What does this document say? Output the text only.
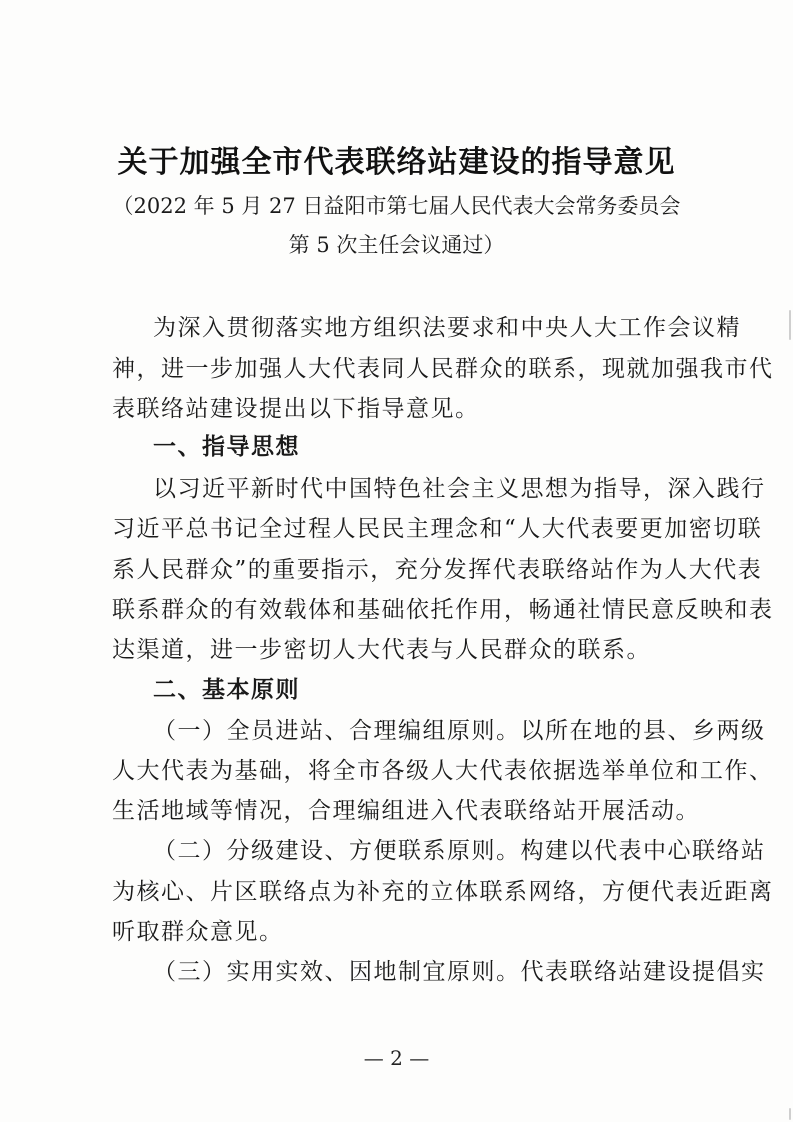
关于加强全市代表联络站建设的指导意见
（2022 年 5 月 27 日益阳市第七届人民代表大会常务委员会
第 5 次主任会议通过）
为深入贯彻落实地方组织法要求和中央人大工作会议精
神，进一步加强人大代表同人民群众的联系，现就加强我市代
表联络站建设提出以下指导意见。
一、指导思想
以习近平新时代中国特色社会主义思想为指导，深入践行
习近平总书记全过程人民民主理念和“人大代表要更加密切联
系人民群众”的重要指示，充分发挥代表联络站作为人大代表
联系群众的有效载体和基础依托作用，畅通社情民意反映和表
达渠道，进一步密切人大代表与人民群众的联系。
二、基本原则
（一）全员进站、合理编组原则。以所在地的县、乡两级
人大代表为基础，将全市各级人大代表依据选举单位和工作、
生活地域等情况，合理编组进入代表联络站开展活动。
（二）分级建设、方便联系原则。构建以代表中心联络站
为核心、片区联络点为补充的立体联系网络，方便代表近距离
听取群众意见。
（三）实用实效、因地制宜原则。代表联络站建设提倡实
— 2 —
